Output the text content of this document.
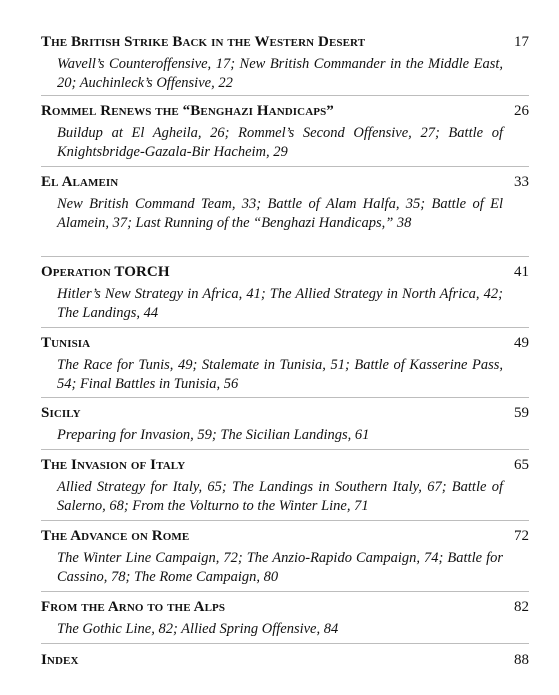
The British Strike Back in the Western Desert	17
Wavell’s Counteroffensive, 17; New British Commander in the Middle East, 20; Auchinleck’s Offensive, 22
Rommel Renews the “Benghazi Handicaps”	26
Buildup at El Agheila, 26; Rommel’s Second Offensive, 27; Battle of Knightsbridge-Gazala-Bir Hacheim, 29
El Alamein	33
New British Command Team, 33; Battle of Alam Halfa, 35; Battle of El Alamein, 37; Last Running of the “Benghazi Handicaps,” 38
Operation TORCH	41
Hitler’s New Strategy in Africa, 41; The Allied Strategy in North Africa, 42; The Landings, 44
Tunisia	49
The Race for Tunis, 49; Stalemate in Tunisia, 51; Battle of Kasserine Pass, 54; Final Battles in Tunisia, 56
Sicily	59
Preparing for Invasion, 59; The Sicilian Landings, 61
The Invasion of Italy	65
Allied Strategy for Italy, 65; The Landings in Southern Italy, 67; Battle of Salerno, 68; From the Volturno to the Winter Line, 71
The Advance on Rome	72
The Winter Line Campaign, 72; The Anzio-Rapido Campaign, 74; Battle for Cassino, 78; The Rome Campaign, 80
From the Arno to the Alps	82
The Gothic Line, 82; Allied Spring Offensive, 84
Index	88
